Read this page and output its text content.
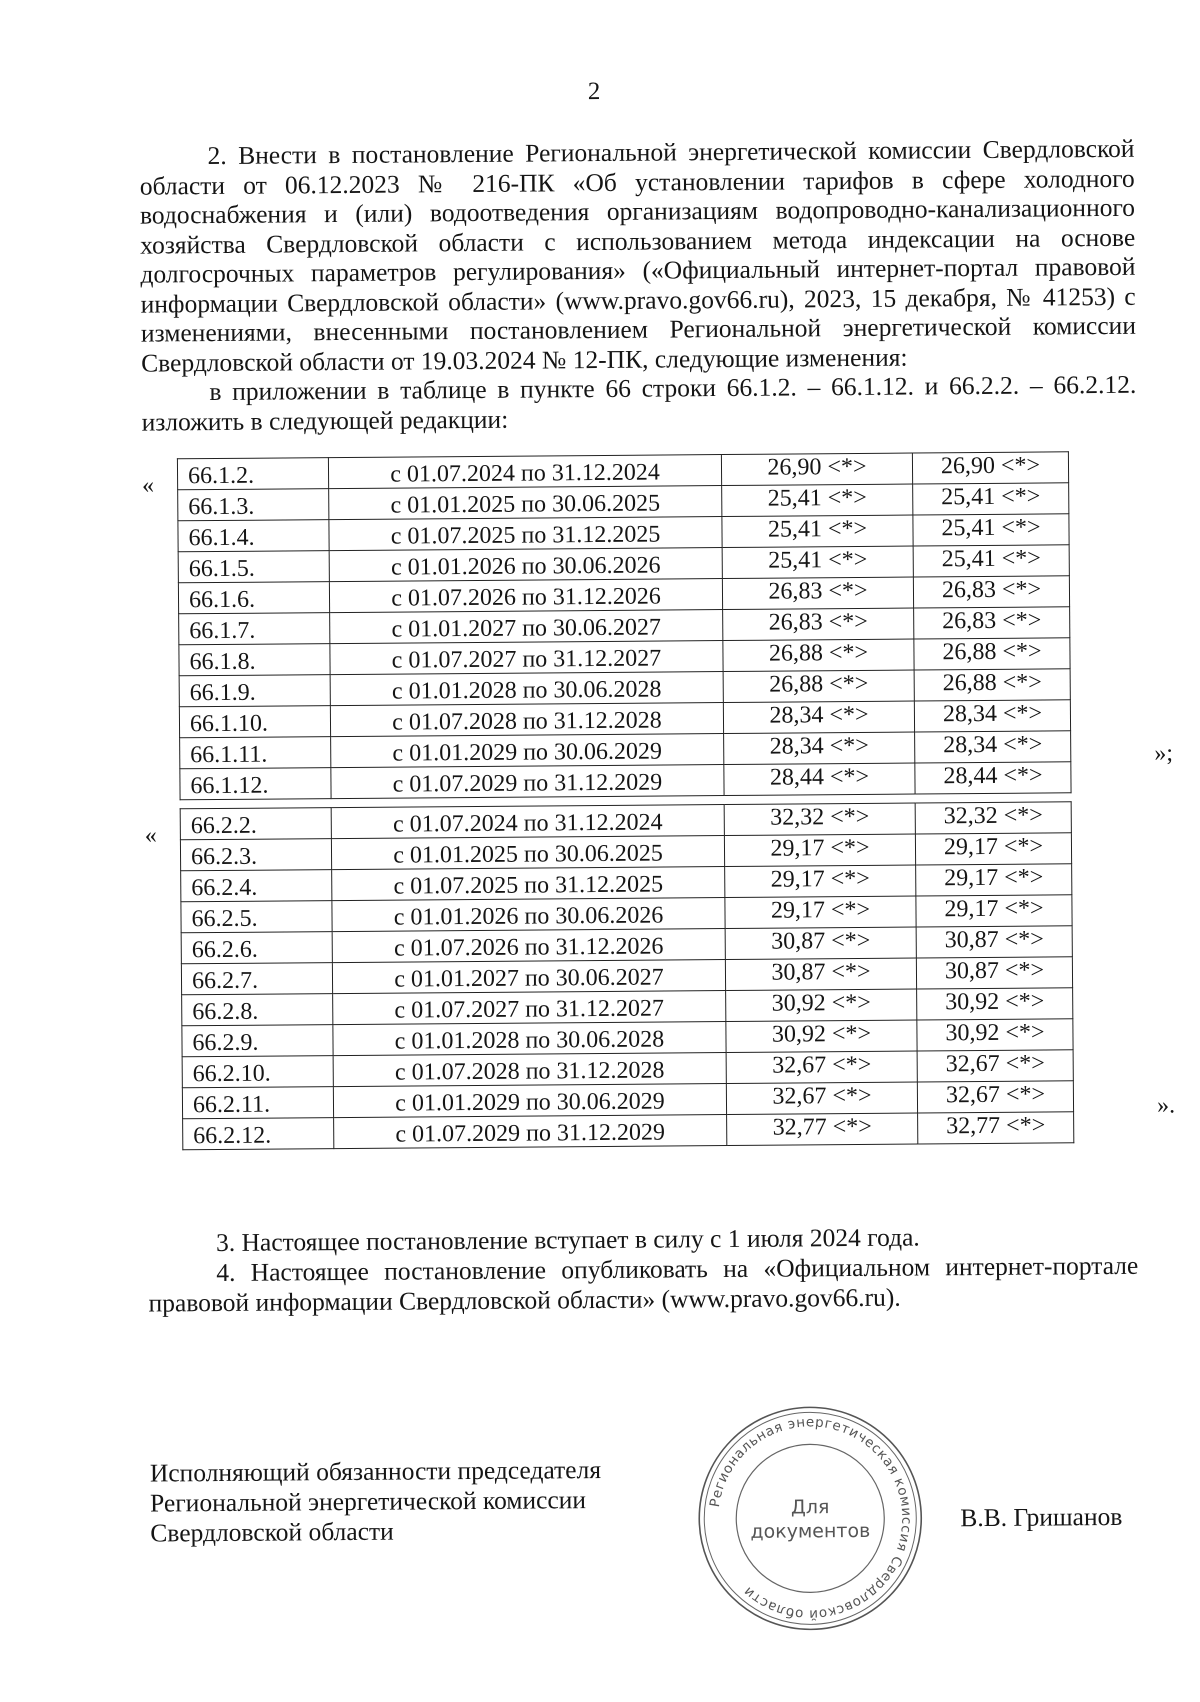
2

2. Внести в постановление Региональной энергетической комиссии Свердловской области от 06.12.2023 № 216-ПК «Об установлении тарифов в сфере холодного водоснабжения и (или) водоотведения организациям водопроводно-канализационного хозяйства Свердловской области с использованием метода индексации на основе долгосрочных параметров регулирования» («Официальный интернет-портал правовой информации Свердловской области» (www.pravo.gov66.ru), 2023, 15 декабря, № 41253) с изменениями, внесенными постановлением Региональной энергетической комиссии Свердловской области от 19.03.2024 № 12-ПК, следующие изменения:

в приложении в таблице в пункте 66 строки 66.1.2. – 66.1.12. и 66.2.2. – 66.2.12. изложить в следующей редакции:

« 66.1.2.	с 01.07.2024 по 31.12.2024	26,90 <*>	26,90 <*>
66.1.3.	с 01.01.2025 по 30.06.2025	25,41 <*>	25,41 <*>
66.1.4.	с 01.07.2025 по 31.12.2025	25,41 <*>	25,41 <*>
66.1.5.	с 01.01.2026 по 30.06.2026	25,41 <*>	25,41 <*>
66.1.6.	с 01.07.2026 по 31.12.2026	26,83 <*>	26,83 <*>
66.1.7.	с 01.01.2027 по 30.06.2027	26,83 <*>	26,83 <*>
66.1.8.	с 01.07.2027 по 31.12.2027	26,88 <*>	26,88 <*>
66.1.9.	с 01.01.2028 по 30.06.2028	26,88 <*>	26,88 <*>
66.1.10.	с 01.07.2028 по 31.12.2028	28,34 <*>	28,34 <*>
66.1.11.	с 01.01.2029 по 30.06.2029	28,34 <*>	28,34 <*>
66.1.12.	с 01.07.2029 по 31.12.2029	28,44 <*>	28,44 <*>
»;
« 66.2.2.	с 01.07.2024 по 31.12.2024	32,32 <*>	32,32 <*>
66.2.3.	с 01.01.2025 по 30.06.2025	29,17 <*>	29,17 <*>
66.2.4.	с 01.07.2025 по 31.12.2025	29,17 <*>	29,17 <*>
66.2.5.	с 01.01.2026 по 30.06.2026	29,17 <*>	29,17 <*>
66.2.6.	с 01.07.2026 по 31.12.2026	30,87 <*>	30,87 <*>
66.2.7.	с 01.01.2027 по 30.06.2027	30,87 <*>	30,87 <*>
66.2.8.	с 01.07.2027 по 31.12.2027	30,92 <*>	30,92 <*>
66.2.9.	с 01.01.2028 по 30.06.2028	30,92 <*>	30,92 <*>
66.2.10.	с 01.07.2028 по 31.12.2028	32,67 <*>	32,67 <*>
66.2.11.	с 01.01.2029 по 30.06.2029	32,67 <*>	32,67 <*>
66.2.12.	с 01.07.2029 по 31.12.2029	32,77 <*>	32,77 <*>
».

3. Настоящее постановление вступает в силу с 1 июля 2024 года.

4. Настоящее постановление опубликовать на «Официальном интернет-портале правовой информации Свердловской области» (www.pravo.gov66.ru).

Исполняющий обязанности председателя
Региональной энергетической комиссии
Свердловской области	В.В. Гришанов
Региональная энергетическая комиссия Свердловской области
Для
документов
